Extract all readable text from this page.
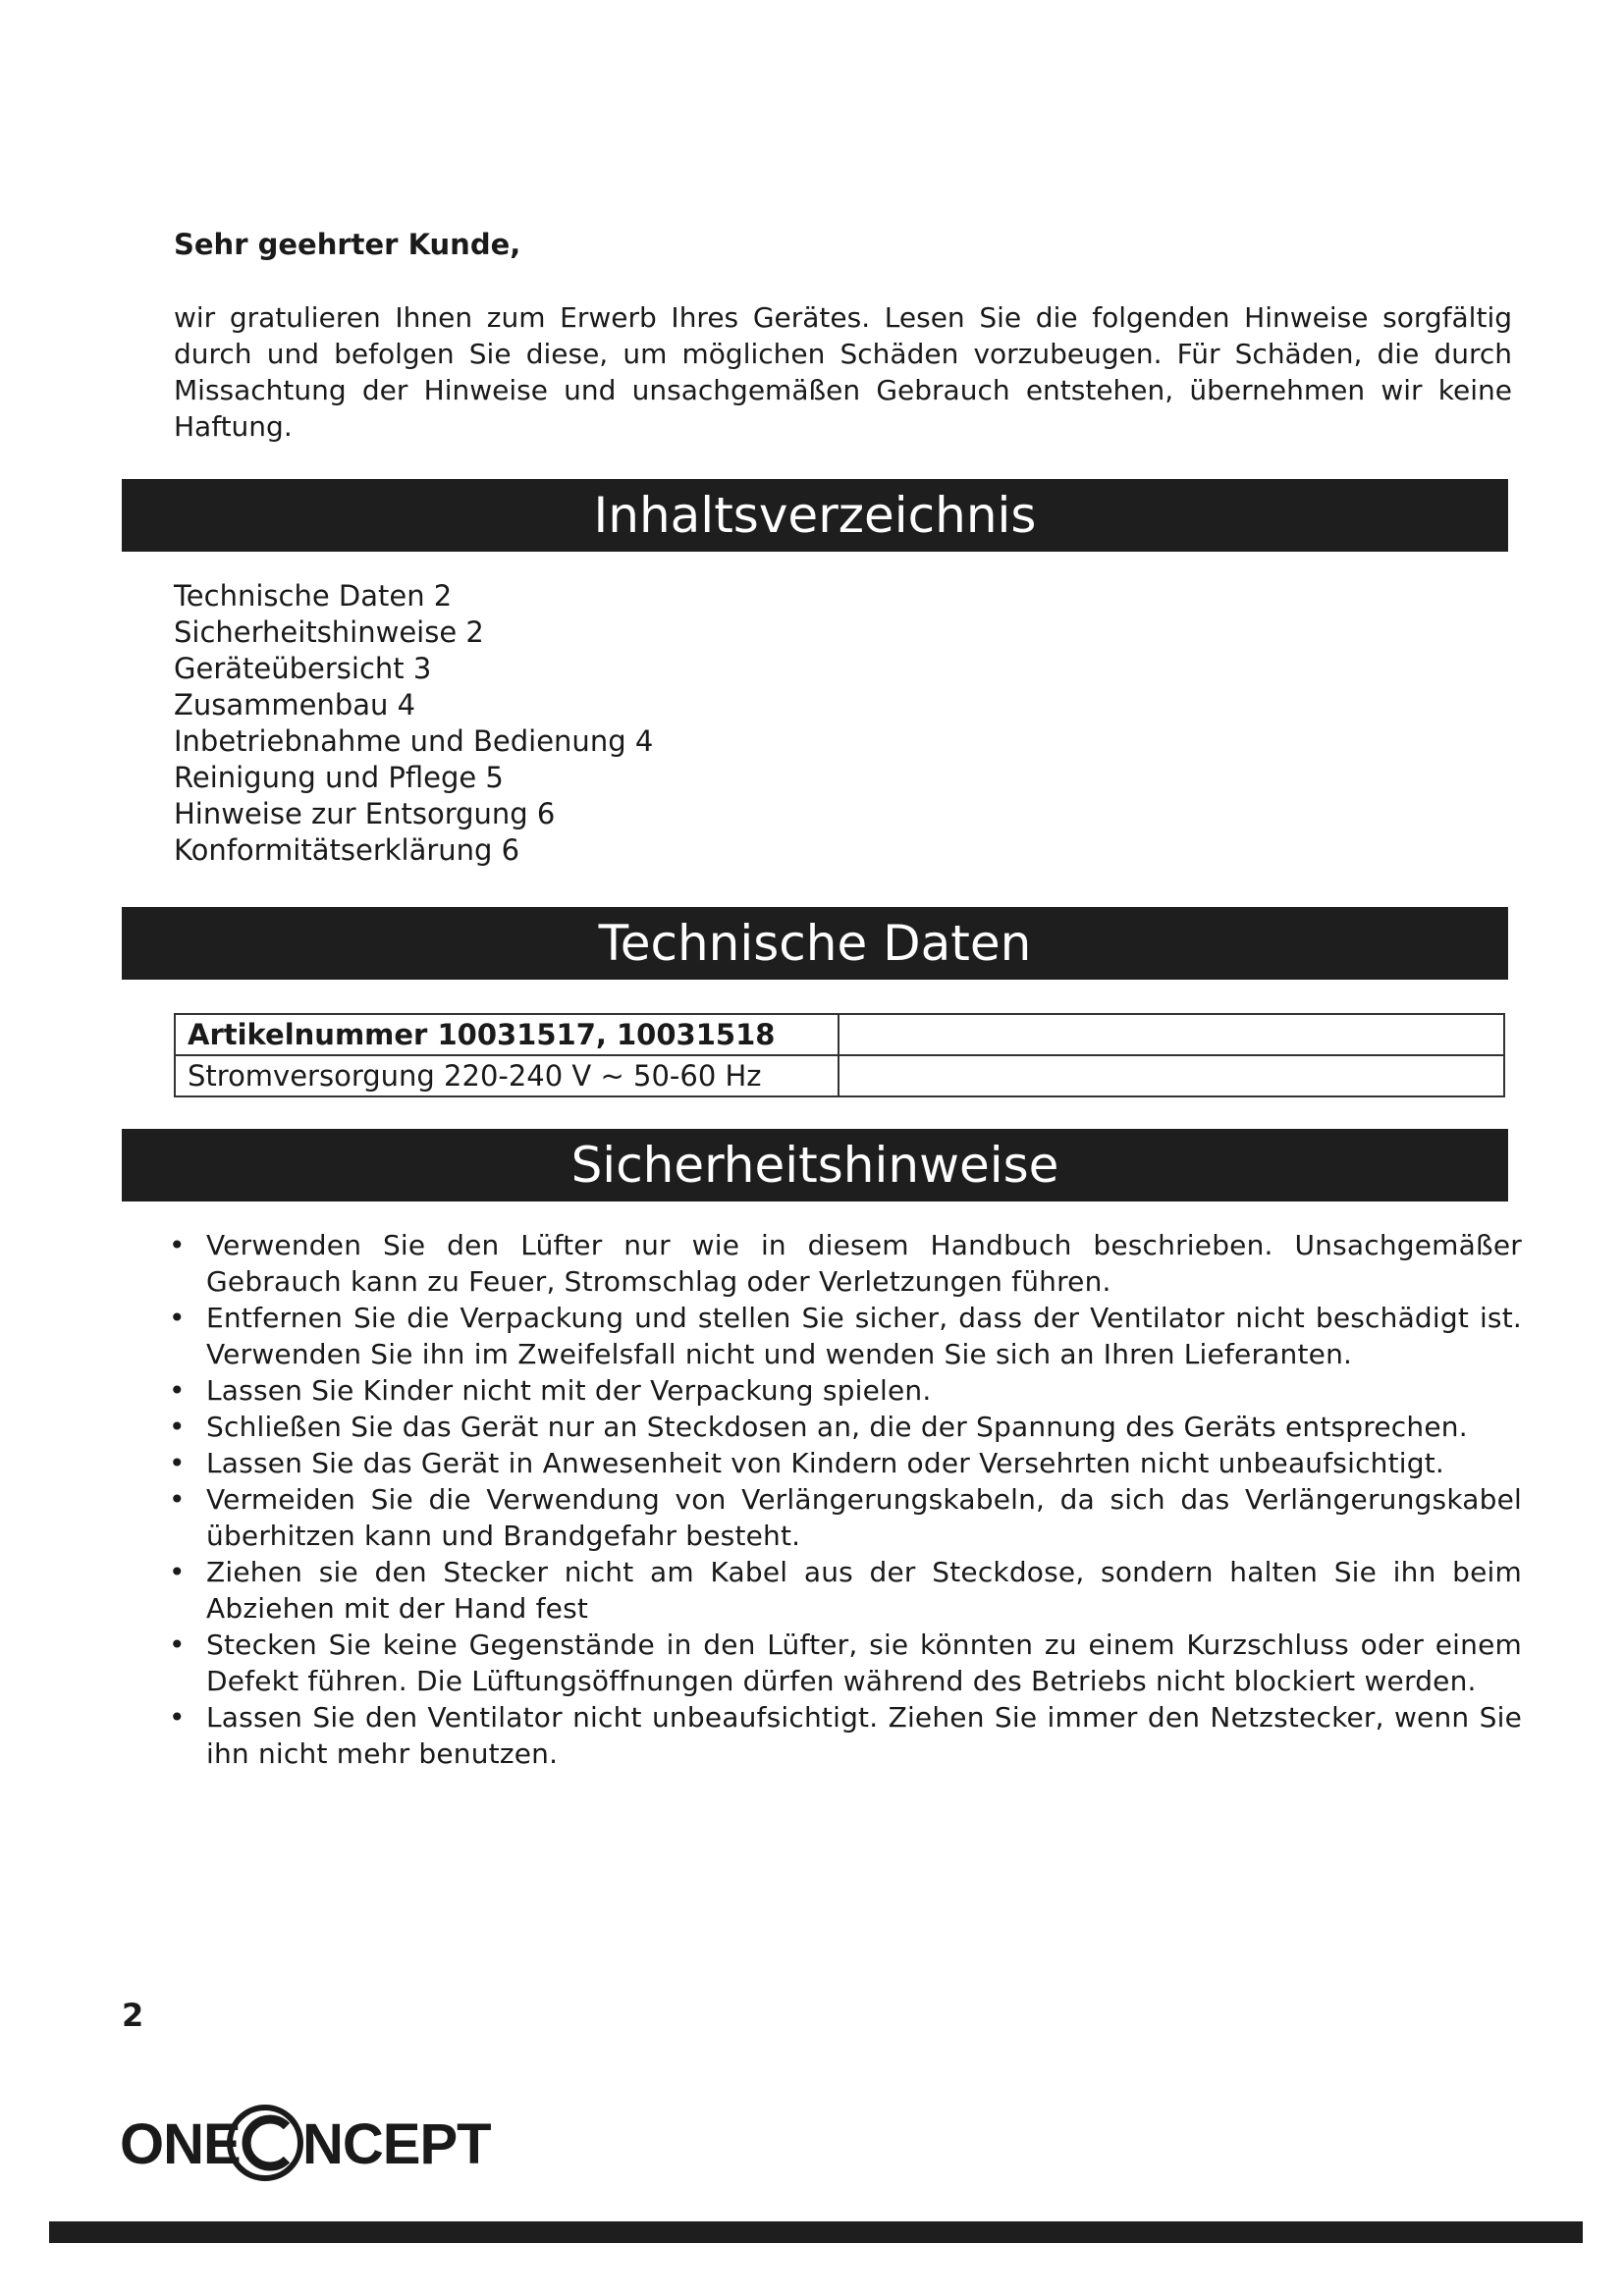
Sehr geehrter Kunde,

wir gratulieren Ihnen zum Erwerb Ihres Gerätes. Lesen Sie die folgenden Hinweise sorgfältig durch und befolgen Sie diese, um möglichen Schäden vorzubeugen. Für Schäden, die durch Missachtung der Hinweise und unsachgemäßen Gebrauch entstehen, übernehmen wir keine Haftung.

Inhaltsverzeichnis
Technische Daten 2
Sicherheitshinweise 2
Geräteübersicht 3
Zusammenbau 4
Inbetriebnahme und Bedienung 4
Reinigung und Pflege 5
Hinweise zur Entsorgung 6
Konformitätserklärung 6
Technische Daten
Artikelnummer 10031517, 10031518	
Stromversorgung 220-240 V ~ 50-60 Hz	
Sicherheitshinweise
• Verwenden Sie den Lüfter nur wie in diesem Handbuch beschrieben. Unsachgemäßer Gebrauch kann zu Feuer, Stromschlag oder Verletzungen führen.
• Entfernen Sie die Verpackung und stellen Sie sicher, dass der Ventilator nicht beschädigt ist. Verwenden Sie ihn im Zweifelsfall nicht und wenden Sie sich an Ihren Lieferanten.
• Lassen Sie Kinder nicht mit der Verpackung spielen.
• Schließen Sie das Gerät nur an Steckdosen an, die der Spannung des Geräts entsprechen.
• Lassen Sie das Gerät in Anwesenheit von Kindern oder Versehrten nicht unbeaufsichtigt.
• Vermeiden Sie die Verwendung von Verlängerungskabeln, da sich das Verlängerungskabel überhitzen kann und Brandgefahr besteht.
• Ziehen sie den Stecker nicht am Kabel aus der Steckdose, sondern halten Sie ihn beim Abziehen mit der Hand fest
• Stecken Sie keine Gegenstände in den Lüfter, sie könnten zu einem Kurzschluss oder einem Defekt führen. Die Lüftungsöffnungen dürfen während des Betriebs nicht blockiert werden.
• Lassen Sie den Ventilator nicht unbeaufsichtigt. Ziehen Sie immer den Netzstecker, wenn Sie ihn nicht mehr benutzen.

2

ONE NCEPT
